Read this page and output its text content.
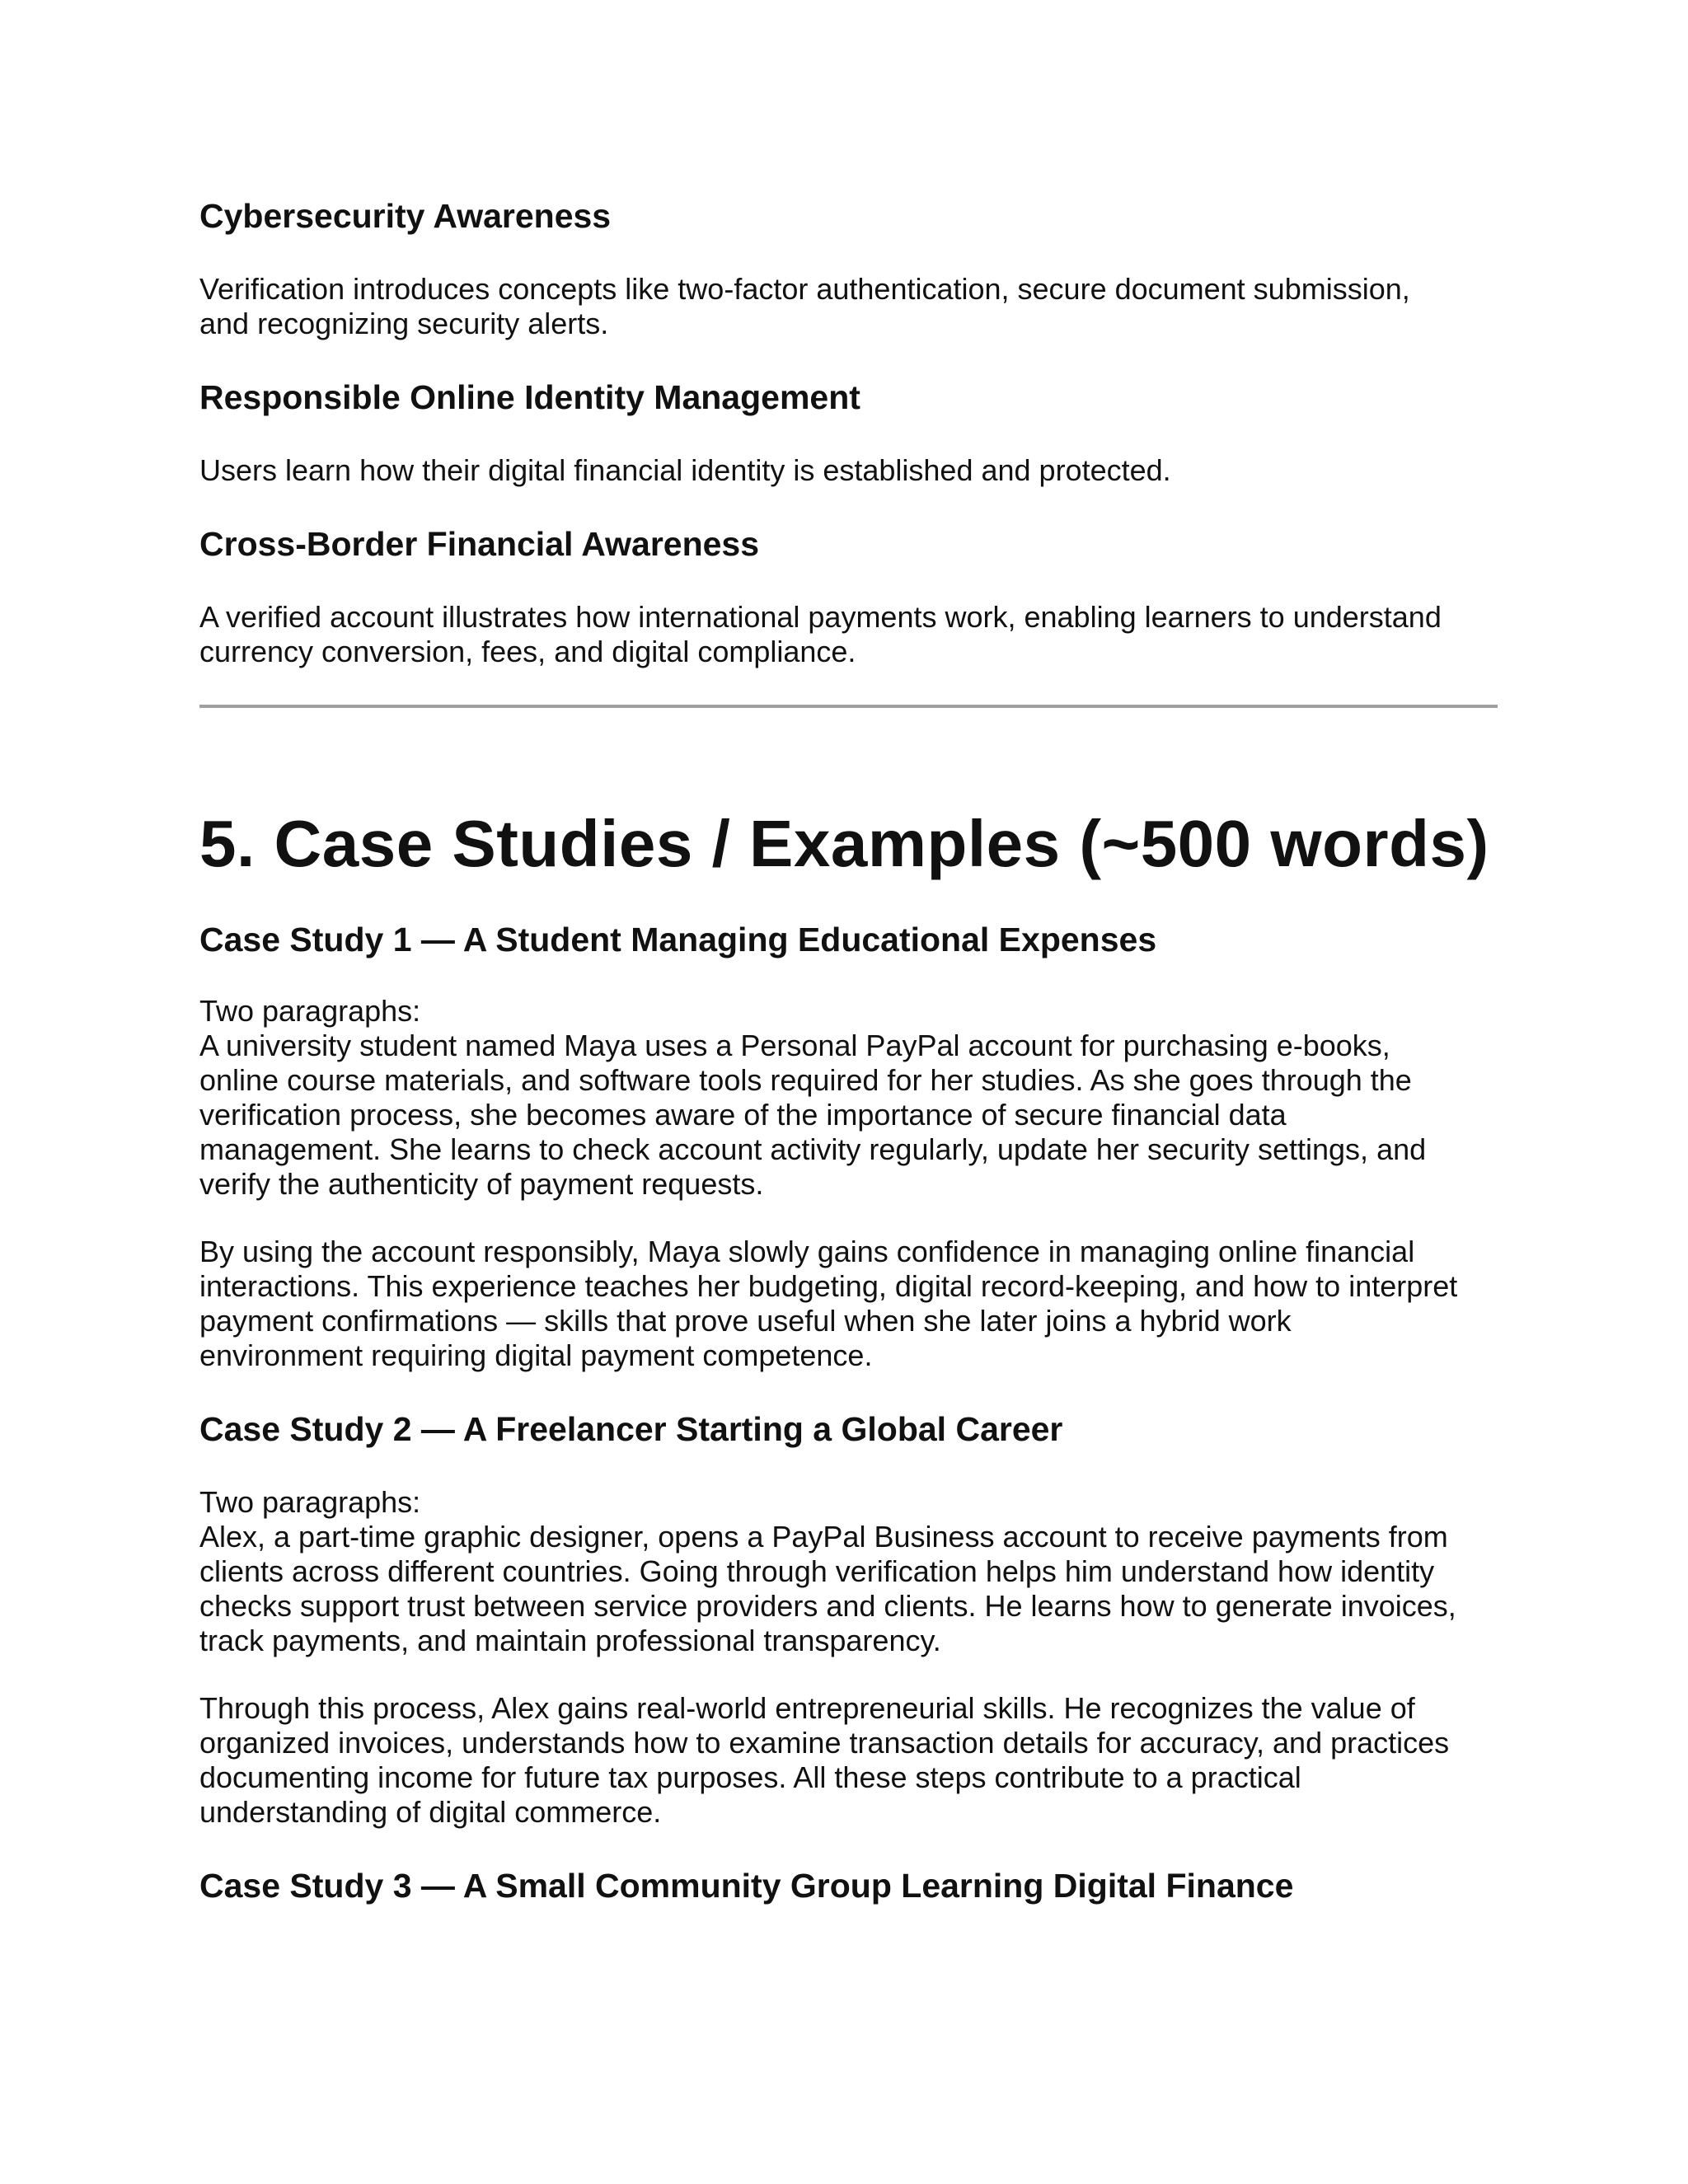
Cybersecurity Awareness

Verification introduces concepts like two-factor authentication, secure document submission,

and recognizing security alerts.

Responsible Online Identity Management

Users learn how their digital financial identity is established and protected.

Cross-Border Financial Awareness

A verified account illustrates how international payments work, enabling learners to understand

currency conversion, fees, and digital compliance.

5. Case Studies / Examples (~500 words)
Case Study 1 — A Student Managing Educational Expenses

Two paragraphs:

A university student named Maya uses a Personal PayPal account for purchasing e-books,

online course materials, and software tools required for her studies. As she goes through the

verification process, she becomes aware of the importance of secure financial data

management. She learns to check account activity regularly, update her security settings, and

verify the authenticity of payment requests.

By using the account responsibly, Maya slowly gains confidence in managing online financial

interactions. This experience teaches her budgeting, digital record-keeping, and how to interpret

payment confirmations — skills that prove useful when she later joins a hybrid work

environment requiring digital payment competence.

Case Study 2 — A Freelancer Starting a Global Career

Two paragraphs:

Alex, a part-time graphic designer, opens a PayPal Business account to receive payments from

clients across different countries. Going through verification helps him understand how identity

checks support trust between service providers and clients. He learns how to generate invoices,

track payments, and maintain professional transparency.

Through this process, Alex gains real-world entrepreneurial skills. He recognizes the value of

organized invoices, understands how to examine transaction details for accuracy, and practices

documenting income for future tax purposes. All these steps contribute to a practical

understanding of digital commerce.

Case Study 3 — A Small Community Group Learning Digital Finance
